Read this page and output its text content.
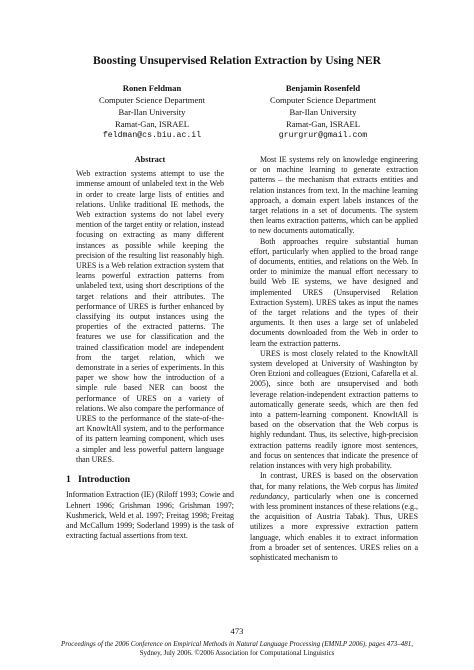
Boosting Unsupervised Relation Extraction by Using NER
Ronen Feldman
Computer Science Department
Bar-Ilan University
Ramat-Gan, ISRAEL
feldman@cs.biu.ac.il
Benjamin Rosenfeld
Computer Science Department
Bar-Ilan University
Ramat-Gan, ISRAEL
grurgrur@gmail.com
Abstract

Web extraction systems attempt to use the immense amount of unlabeled text in the Web in order to create large lists of entities and relations. Unlike traditional IE methods, the Web extraction systems do not label every mention of the target entity or relation, instead focusing on extracting as many different instances as possible while keeping the precision of the resulting list reasonably high. URES is a Web relation extraction system that learns powerful extraction patterns from unlabeled text, using short descriptions of the target relations and their attributes. The performance of URES is further enhanced by classifying its output instances using the properties of the extracted patterns. The features we use for classification and the trained classification model are independent from the target relation, which we demonstrate in a series of experiments. In this paper we show how the introduction of a simple rule based NER can boost the performance of URES on a variety of relations. We also compare the performance of URES to the performance of the state-of-the-art KnowItAll system, and to the performance of its pattern learning component, which uses a simpler and less powerful pattern language than URES.

1 Introduction

Information Extraction (IE) (Riloff 1993; Cowie and Lehnert 1996; Grishman 1996; Grishman 1997; Kushmerick, Weld et al. 1997; Freitag 1998; Freitag and McCallum 1999; Soderland 1999) is the task of extracting factual assertions from text.

Most IE systems rely on knowledge engineering or on machine learning to generate extraction patterns – the mechanism that extracts entities and relation instances from text. In the machine learning approach, a domain expert labels instances of the target relations in a set of documents. The system then learns extraction patterns, which can be applied to new documents automatically.

Both approaches require substantial human effort, particularly when applied to the broad range of documents, entities, and relations on the Web. In order to minimize the manual effort necessary to build Web IE systems, we have designed and implemented URES (Unsupervised Relation Extraction System). URES takes as input the names of the target relations and the types of their arguments. It then uses a large set of unlabeled documents downloaded from the Web in order to learn the extraction patterns.

URES is most closely related to the KnowItAll system developed at University of Washington by Oren Etzioni and colleagues (Etzioni, Cafarella et al. 2005), since both are unsupervised and both leverage relation-independent extraction patterns to automatically generate seeds, which are then fed into a pattern-learning component. KnowItAll is based on the observation that the Web corpus is highly redundant. Thus, its selective, high-precision extraction patterns readily ignore most sentences, and focus on sentences that indicate the presence of relation instances with very high probability.

In contrast, URES is based on the observation that, for many relations, the Web corpus has limited redundancy, particularly when one is concerned with less prominent instances of these relations (e.g., the acquisition of Austria Tabak). Thus, URES utilizes a more expressive extraction pattern language, which enables it to extract information from a broader set of sentences. URES relies on a sophisticated mechanism to

473
Proceedings of the 2006 Conference on Empirical Methods in Natural Language Processing (EMNLP 2006), pages 473–481,
Sydney, July 2006. ©2006 Association for Computational Linguistics
